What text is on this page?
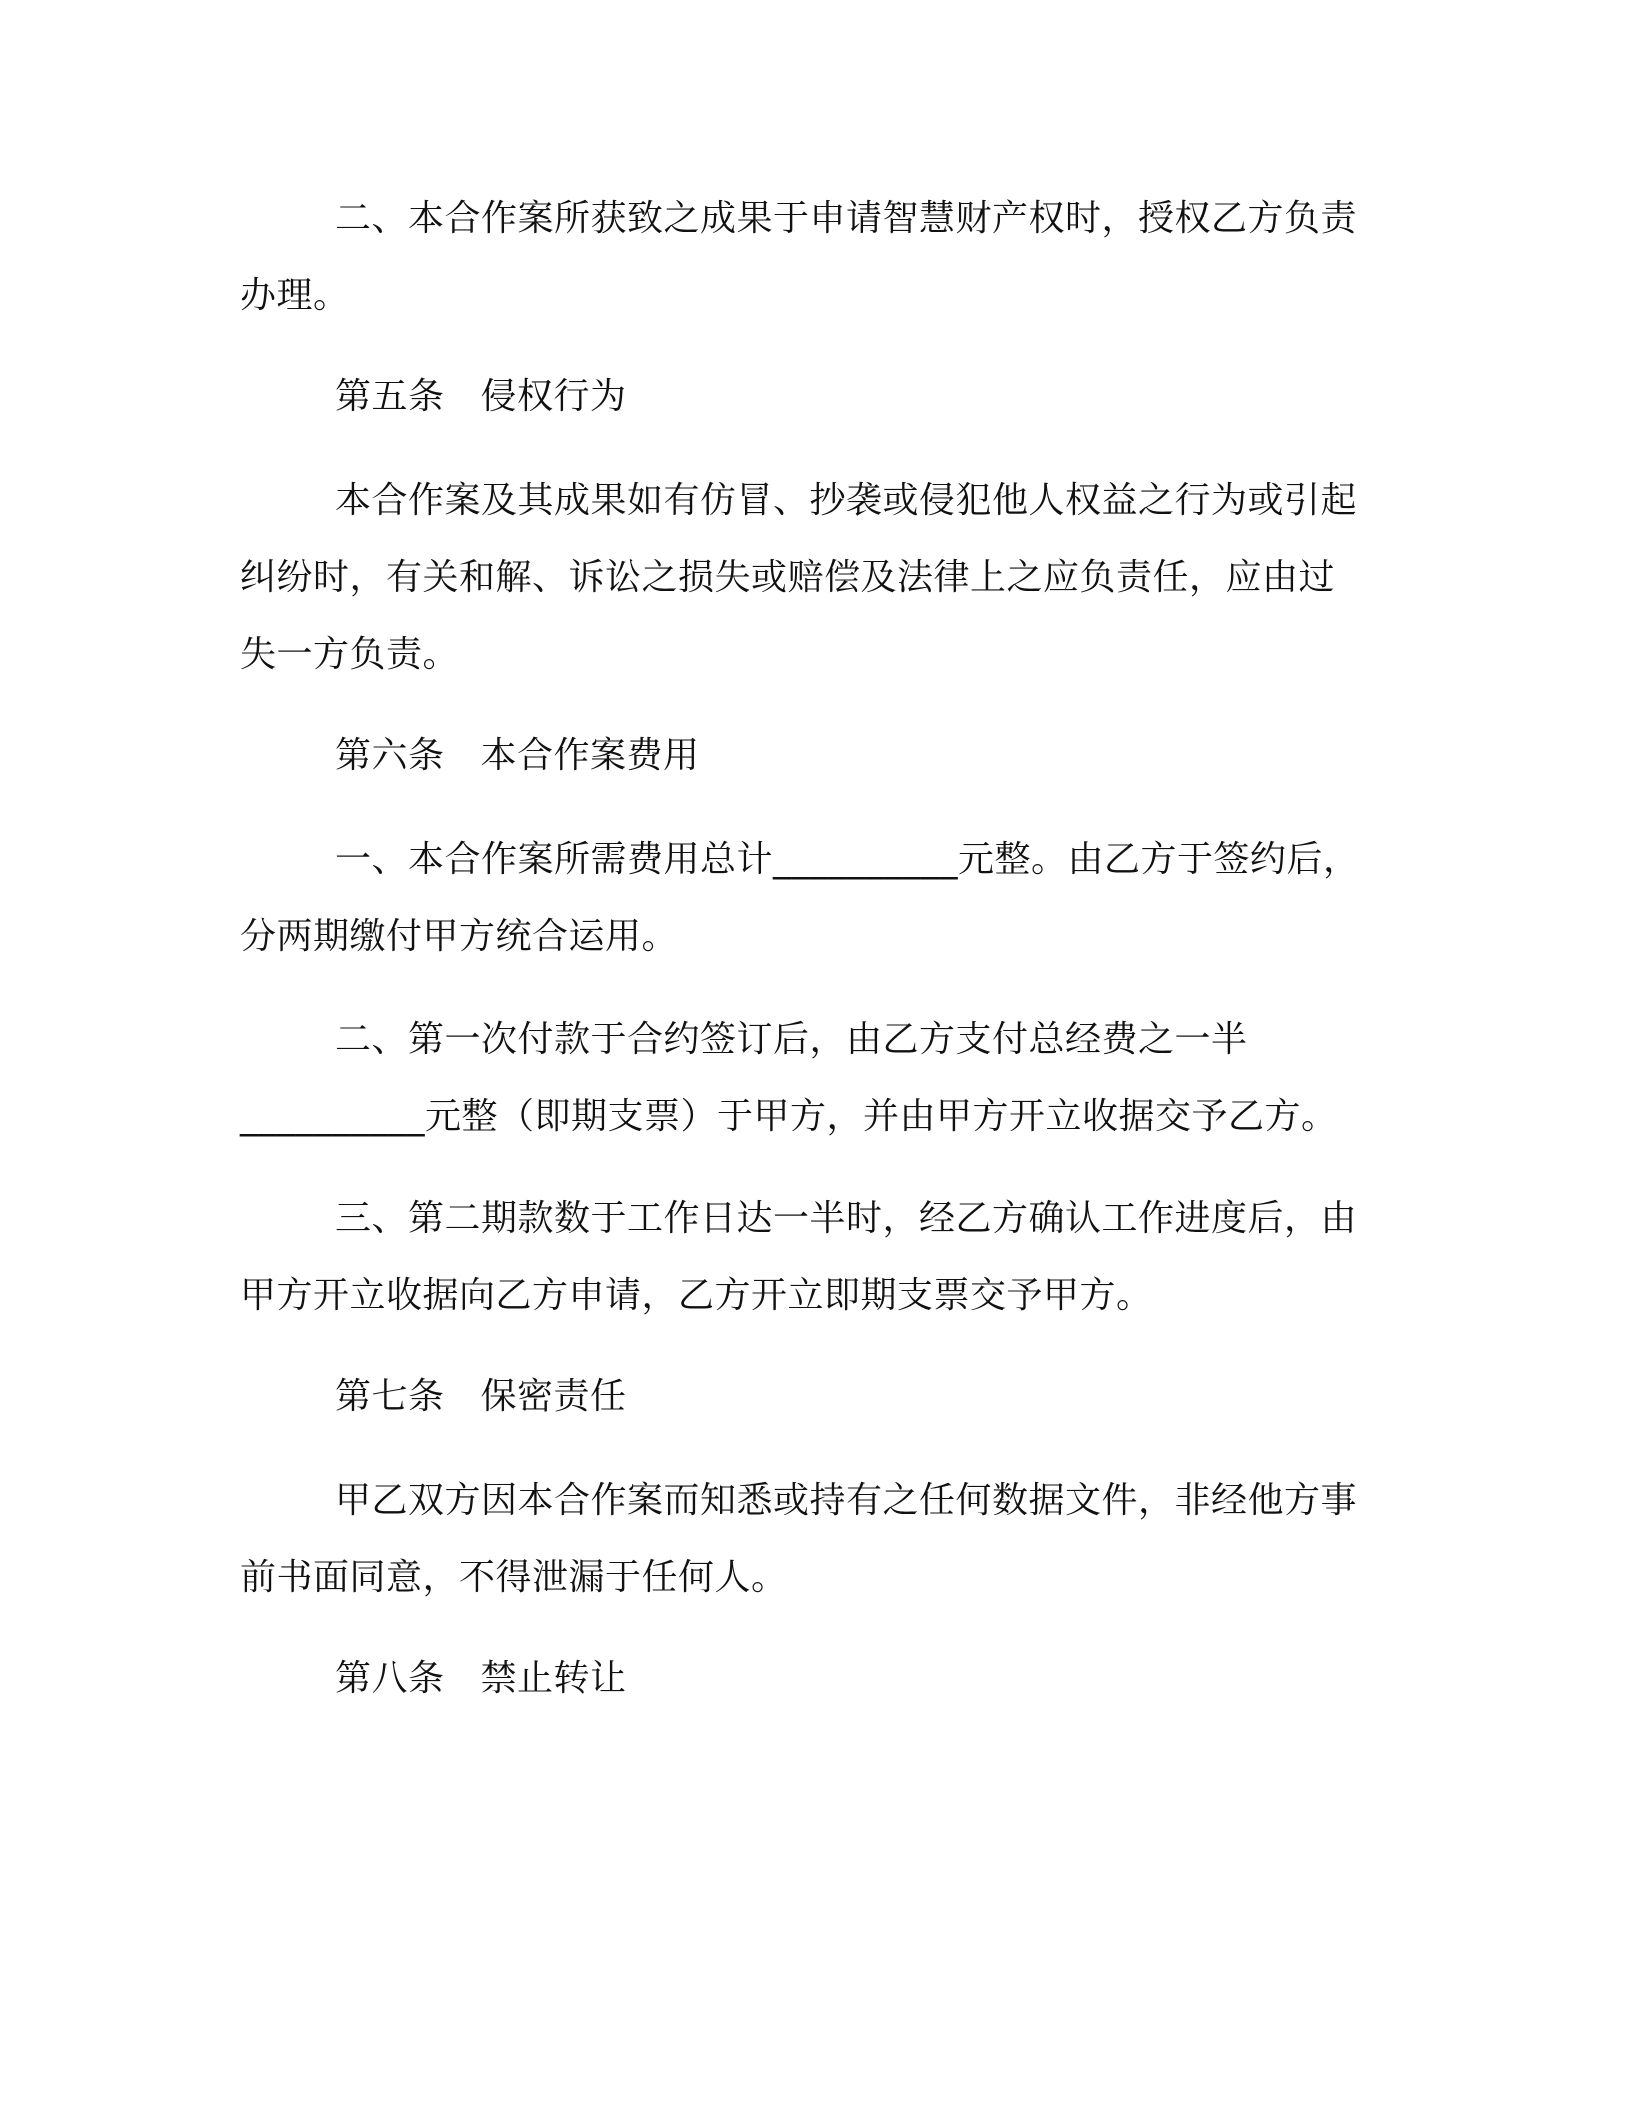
二、本合作案所获致之成果于申请智慧财产权时，授权乙方负责
办理。
第五条 侵权行为
本合作案及其成果如有仿冒、抄袭或侵犯他人权益之行为或引起
纠纷时，有关和解、诉讼之损失或赔偿及法律上之应负责任，应由过
失一方负责。
第六条 本合作案费用
一、本合作案所需费用总计__________元整。由乙方于签约后，
分两期缴付甲方统合运用。
二、第一次付款于合约签订后，由乙方支付总经费之一半
__________元整（即期支票）于甲方，并由甲方开立收据交予乙方。
三、第二期款数于工作日达一半时，经乙方确认工作进度后，由
甲方开立收据向乙方申请，乙方开立即期支票交予甲方。
第七条 保密责任
甲乙双方因本合作案而知悉或持有之任何数据文件，非经他方事
前书面同意，不得泄漏于任何人。
第八条 禁止转让
